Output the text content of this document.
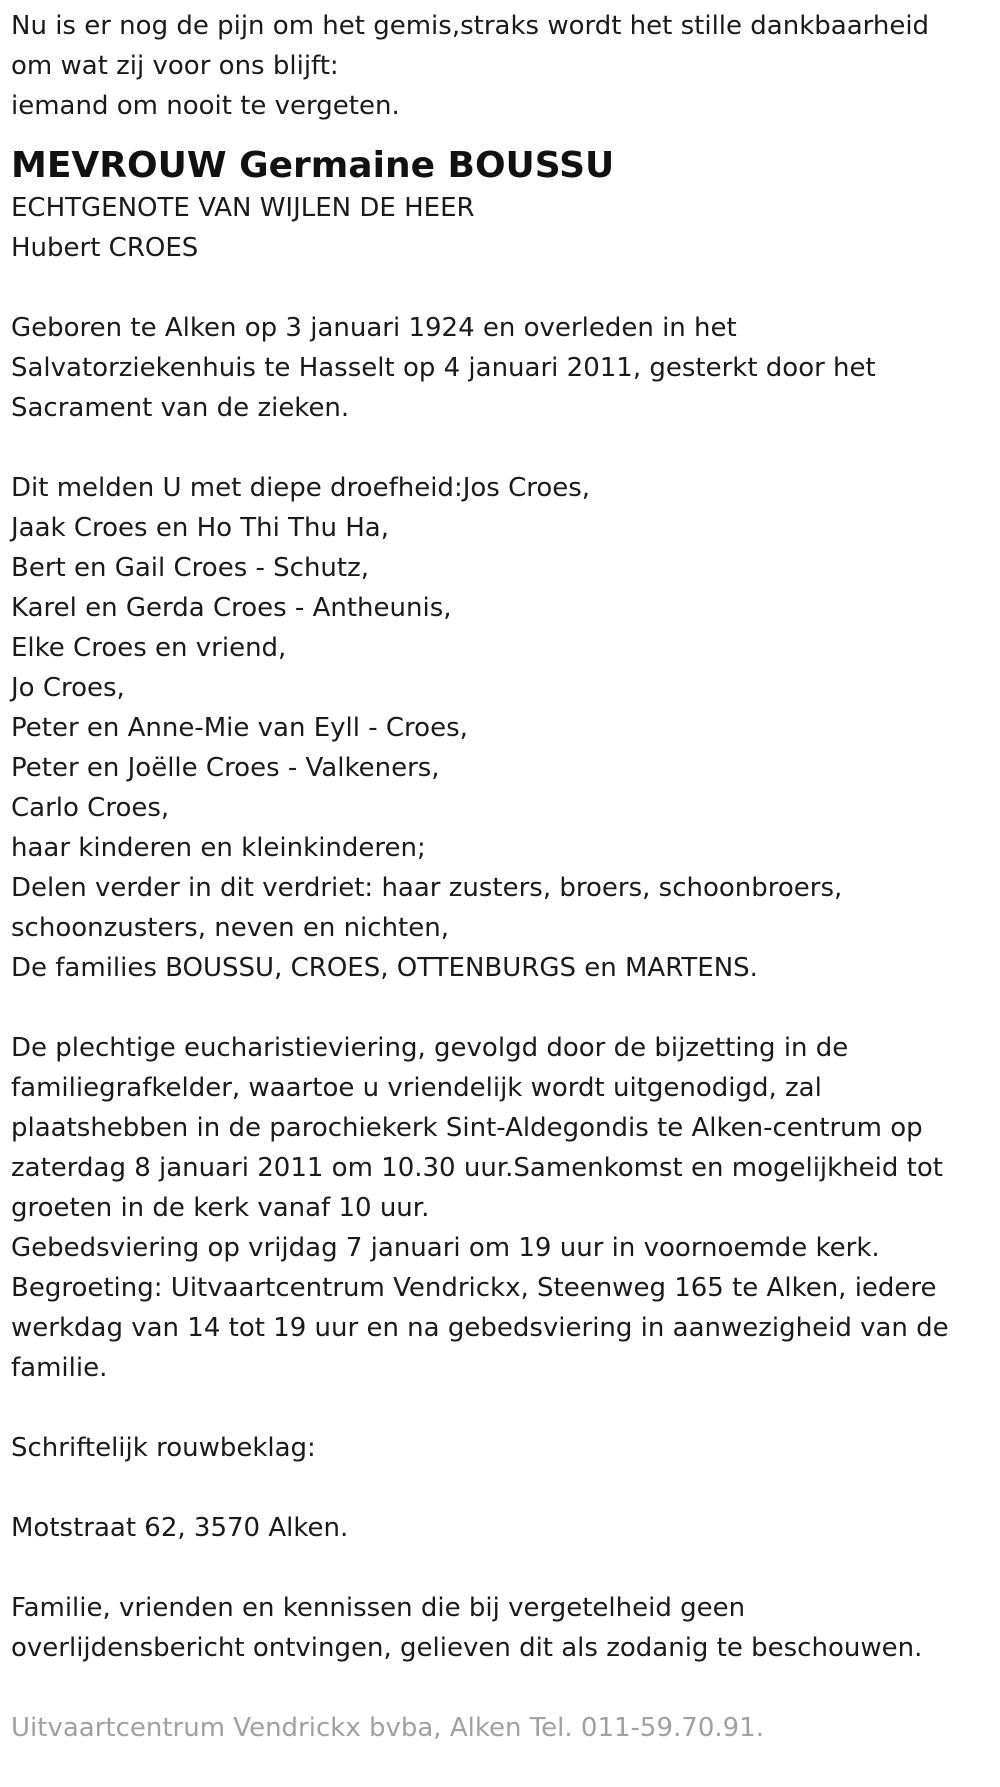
Nu is er nog de pijn om het gemis,straks wordt het stille dankbaarheid
om wat zij voor ons blijft:
iemand om nooit te vergeten.

MEVROUW Germaine BOUSSU

ECHTGENOTE VAN WIJLEN DE HEER
Hubert CROES

Geboren te Alken op 3 januari 1924 en overleden in het
Salvatorziekenhuis te Hasselt op 4 januari 2011, gesterkt door het
Sacrament van de zieken.

Dit melden U met diepe droefheid:Jos Croes,
Jaak Croes en Ho Thi Thu Ha,
Bert en Gail Croes - Schutz,
Karel en Gerda Croes - Antheunis,
Elke Croes en vriend,
Jo Croes,
Peter en Anne-Mie van Eyll - Croes,
Peter en Joëlle Croes - Valkeners,
Carlo Croes,
haar kinderen en kleinkinderen;
Delen verder in dit verdriet: haar zusters, broers, schoonbroers,
schoonzusters, neven en nichten,
De families BOUSSU, CROES, OTTENBURGS en MARTENS.

De plechtige eucharistieviering, gevolgd door de bijzetting in de
familiegrafkelder, waartoe u vriendelijk wordt uitgenodigd, zal
plaatshebben in de parochiekerk Sint-Aldegondis te Alken-centrum op
zaterdag 8 januari 2011 om 10.30 uur.Samenkomst en mogelijkheid tot
groeten in de kerk vanaf 10 uur.
Gebedsviering op vrijdag 7 januari om 19 uur in voornoemde kerk.
Begroeting: Uitvaartcentrum Vendrickx, Steenweg 165 te Alken, iedere
werkdag van 14 tot 19 uur en na gebedsviering in aanwezigheid van de
familie.

Schriftelijk rouwbeklag:

Motstraat 62, 3570 Alken.

Familie, vrienden en kennissen die bij vergetelheid geen
overlijdensbericht ontvingen, gelieven dit als zodanig te beschouwen.

Uitvaartcentrum Vendrickx bvba, Alken Tel. 011-59.70.91.
